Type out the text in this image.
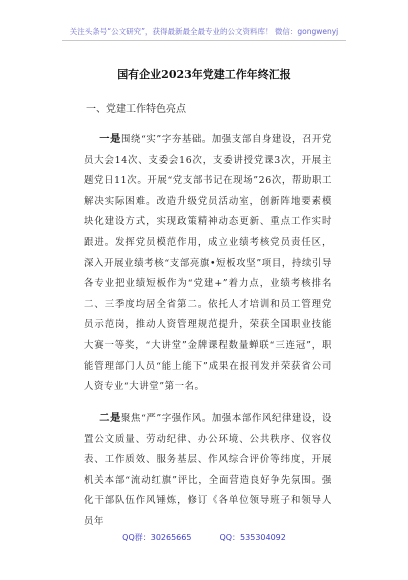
关注头条号“公文研究”，获得最新最全最专业的公文资料库！ 微信：gongwenyj
国有企业2023年党建工作年终汇报
一、党建工作特色亮点
  一是围绕“实”字夯基础。加强支部自身建设，召开党员大会14次、支委会16次，支委讲授党课3次，开展主题党日11次。开展“党支部书记在现场”26次，帮助职工解决实际困难。改造升级党员活动室，创新阵地要素模块化建设方式，实现政策精神动态更新、重点工作实时跟进。发挥党员模范作用，成立业绩考核党员责任区，深入开展业绩考核“支部亮旗•短板攻坚”项目，持续引导各专业把业绩短板作为“党建+”着力点，业绩考核排名二、三季度均居全省第二。依托人才培训和员工管理党员示范岗，推动人资管理规范提升，荣获全国职业技能大赛一等奖，“大讲堂”金牌课程数量蝉联“三连冠”，职能管理部门人员“能上能下”成果在报刊发并荣获省公司人资专业“大讲堂”第一名。
  二是聚焦“严”字强作风。加强本部作风纪律建设，设置公文质量、劳动纪律、办公环境、公共秩序、仪容仪表、工作质效、服务基层、作风综合评价等纬度，开展机关本部“流动红旗”评比，全面营造良好争先氛围。强化干部队伍作风锤炼，修订《各单位领导班子和领导人员年
QQ群：30265665	QQ：535304092
